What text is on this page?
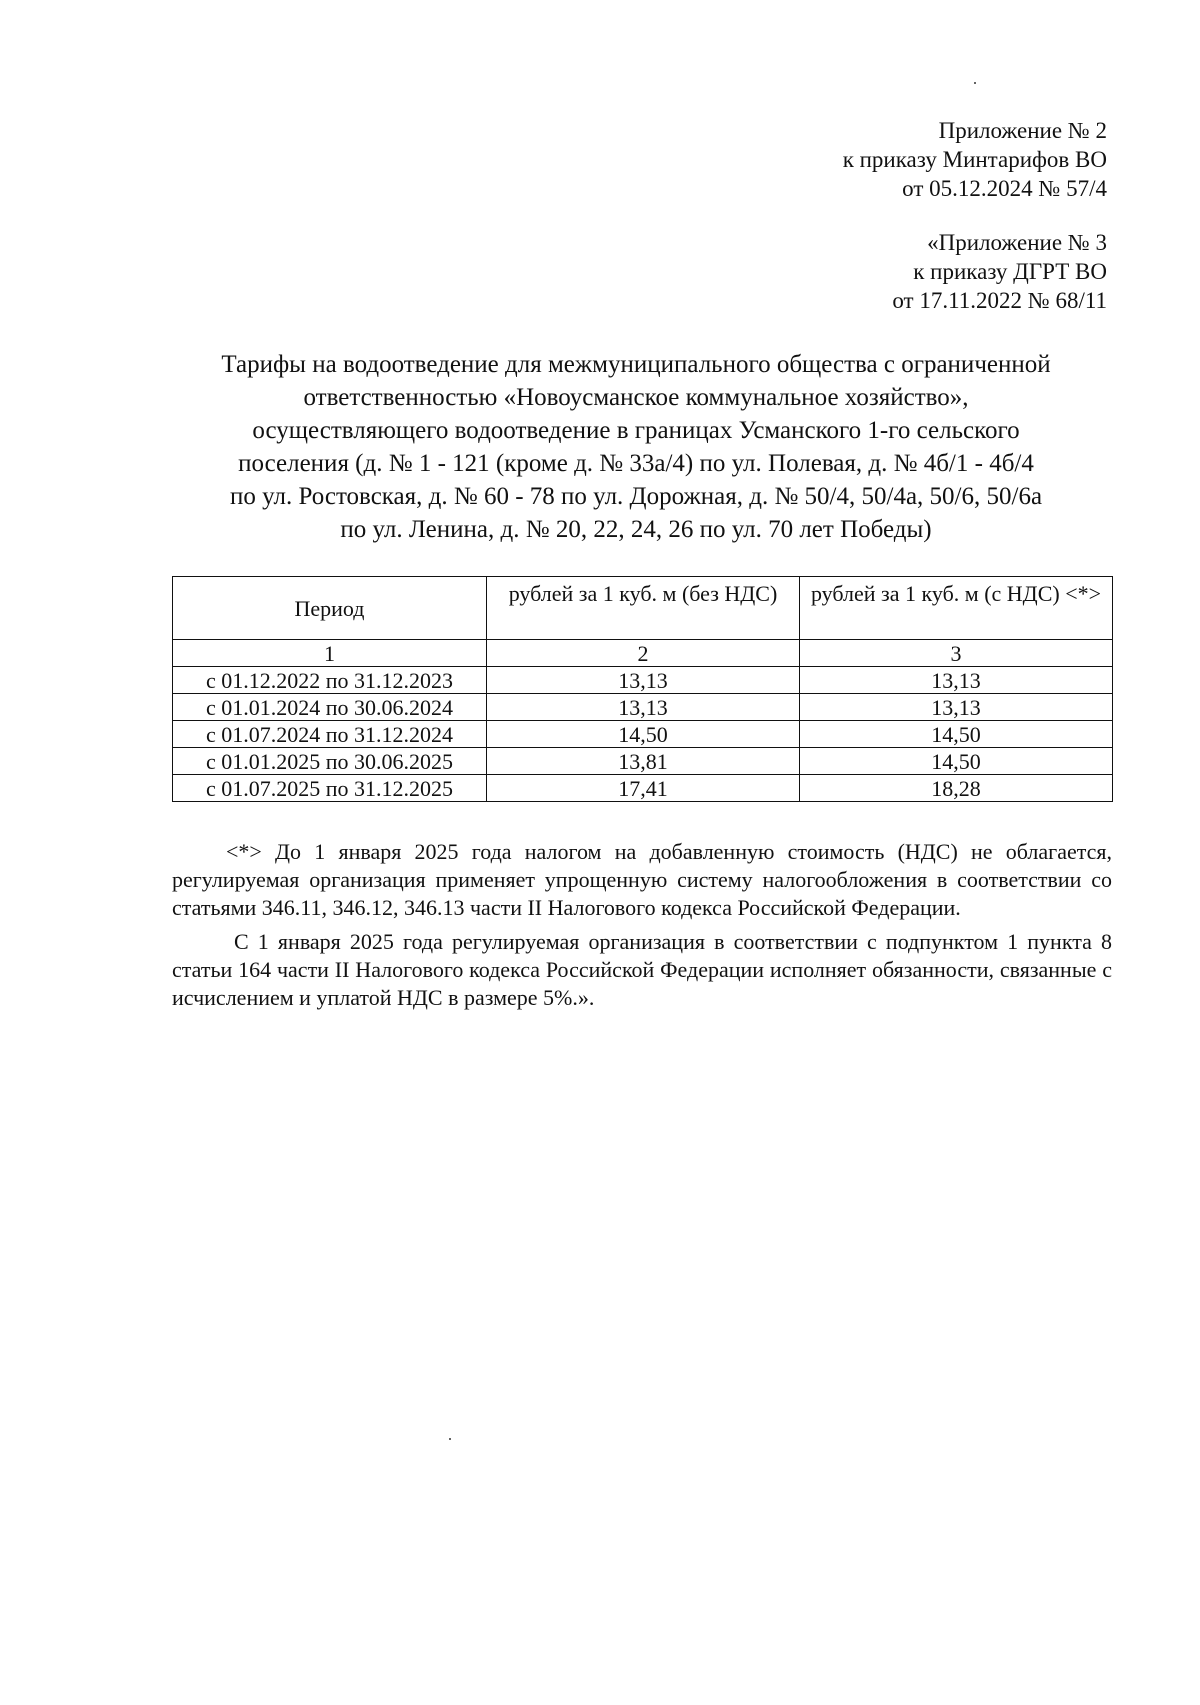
Приложение № 2
к приказу Минтарифов ВО
от 05.12.2024 № 57/4
«Приложение № 3
к приказу ДГРТ ВО
от 17.11.2022 № 68/11
Тарифы на водоотведение для межмуниципального общества с ограниченной
ответственностью «Новоусманское коммунальное хозяйство»,
осуществляющего водоотведение в границах Усманского 1-го сельского
поселения (д. № 1 - 121 (кроме д. № 33а/4) по ул. Полевая, д. № 4б/1 - 4б/4
по ул. Ростовская, д. № 60 - 78 по ул. Дорожная, д. № 50/4, 50/4а, 50/6, 50/6а
по ул. Ленина, д. № 20, 22, 24, 26 по ул. 70 лет Победы)
Период	рублей за 1 куб. м (без НДС)	рублей за 1 куб. м (с НДС) <*>
1	2	3
с 01.12.2022 по 31.12.2023	13,13	13,13
с 01.01.2024 по 30.06.2024	13,13	13,13
с 01.07.2024 по 31.12.2024	14,50	14,50
с 01.01.2025 по 30.06.2025	13,81	14,50
с 01.07.2025 по 31.12.2025	17,41	18,28

<*> До 1 января 2025 года налогом на добавленную стоимость (НДС) не облагается, регулируемая организация применяет упрощенную систему налогообложения в соответствии со статьями 346.11, 346.12, 346.13 части II Налогового кодекса Российской Федерации.

С 1 января 2025 года регулируемая организация в соответствии с подпунктом 1 пункта 8 статьи 164 части II Налогового кодекса Российской Федерации исполняет обязанности, связанные с исчислением и уплатой НДС в размере 5%.».
